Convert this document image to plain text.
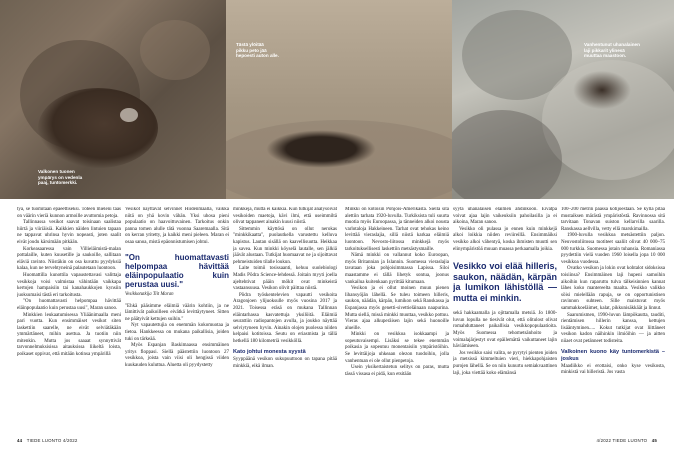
Valkonen tuonen
ympärys on vedenla
paaj, tuntomerkki.
Tästä ylöitää
pikku peto jää
hepoesti auton alle.
Vanhentunut uhanalainen
laji pikkarit ylinesä
muuttaa maastoon.

tyä, se tuomitaan epäeettiseksi. Toteen mieleni taas on väärin vieriä kunnon armoille avuttomia petoja.

Tallinnassa vesikot saavat toisinaan saalistaa hiirtä ja viiriäisiä. Kaikkien näiden lintuien tapaan ne tappavat uhrinsa hyvin nopeasti, joten saalit eivät joudu kärsimään pitkään.

Korkeasaaressa vain Villieläimistä-malan pottalaille, kuten kuusetille ja saukoille, sallitaan eläviä ravinto. Niistäkin on osa kuvattu pyydyksiä kalaa, kun ne tervehtyneinä palautetaan luontoon.

Huomattilla kunottila vapaustettavasi valittaja vesikkoja voisi valmistaa vähintään vaikkapa kertojen hampaisiin tai kanahaukkojen kynsiin juoksumaisi tästä eri tarkoitusta.

"On huomattavasti helpompaa hävittää eläinpopulaatio kuin perustaa uusi", Maran sanoo.

Minkkien leukaatumisessa Yliäänimaalla meni pari vuotta. Kun ensimmäiset vesikot siten laskettiin saarelle, ne eivät selviätäkään ymmärtäneet, mihin asettua. Ja tuotiin niin mitenkin. Mutta jos saaaat synnyttivät tarvonnelmuksisissa aitauksissa liikeltä loista, poikaset oppivat, että mitään kotinsa ympärillä

Vesikot näyttävät selvinnet Hiidenmaalla, vaikka niitä on yhä kovin vähän. Yksi uhosa pieni populaatio on haavoittuvainen. Tarkoitus onkin panna tomen alulle tätä vuonna Saaremaalla. Sitä on kerran yritetty, ja kaikki meni pieleen. Maran ei osaa sanoa, mistä epäonnistumisen johtui.

"On huomattavasti helpompaa hävittää eläinpopulaatio kuin perustaa uusi."
Vesikkotutkija Tiit Maran

"Ehkä pääsimme eläimiä väärin kohtiin, ja ne lämittivät paikoilleen eivätkä levittäytyneet. Sitten ne päätyivät kettujen suihin."

Nyt vapautettujia on enemmän kokomuotaa ja tietoa. Hankkeessa on mukana paikallisia, joiden tuki on tärkeää.

Myös Espanjan Baskimaassa ensimmäinen yritys floppasi. Siellä päästettiin luontoon 27 vesikkoa, joista vain viisi oli hengissä viiden kuukauden kuluttua. Aluetta oli pyydystetty

minkkejä, mutta ei kaikkia. Kun tutkijat analysoivat vesikoiden maetoja, kävi ilmi, että useimmiltä olivat tappaneet ainakin kuusi niistä.

Sittemmin käyttösä on ollut nerokas "minkkikaatta", puolautkella varustettu kelluva kapistus. Lautan sisällä on kaavellisuutta. Heikkaa ja savea. Kun minkki köyselä lautalle, sen jälkiä jäävät alustaan. Tutkijat huomaavat ne ja sijoittavat pehmeistuiden tilalle loukun.

Laite toimii tosissaanti, kehuu suolebiologi Madis Põdra Science-lehdessä. Joitain myyti joella ajeltehtivat pääin mökit ovat minkeistä vastaansuusa. Vesikon olivit päittaa niistä.

Põdra työskentelevien vapautti vesikoita Aragonjoen ylijuoksulle myös vuosina 2017 ja 2021. Toisessa eräsä on mukana Tallinnan eläintarhassa kasvatettuja yksilöitä. Eläimiä seurattiin radiopantojen avulla, ja joukko näyttää selviytyneen hyvin. Ainakin olojen puolessa niiden kelpaisi kotitoissa. Seutu on eriasmista ja tällä hetkellä 180 kilometriä vesikköllä.

Kato johtui monesta syystä

Syyppäänä vesikon sukupuuttoon on tapana pitää minkkiä, eikä ilman.

Minkki on kotoisin Pohjois-Amerikasta. Siellä sitä alettiin tarhata 1920-luvulla. Turkiksista tuli suurta muotia myös Euroopassa, ja tänneiden alkoi nousta varlotaloja Hakkeineen. Tarhat ovat tehokas keino levittää vieraslajia, sillä niistä karkaa eläimiä luontoon. Nevosto-liitossa minkkejä myös tarkoituksellisesti laskettiin metsästysmaille.

Nämä minkki on vallannut koko Euroopan, myös Britannian ja Islannin. Suomessa vieraslajia tavataan joka pohjoisimmassa Lapissa. Siloi maastamme ei tällä lihetyk sontua, joonus vankailua kuitenkaan pyrittää kitumaan.

Vesikon ja ei ollut moinen muun pienen lihansyöjän lähellä. Se tuleu toimeen hilleris, saukon, näädän, kärpän, lumikon sekä Ranskassa ja Espanjassa myös genetti-sivettieläinaan naapurina. Mutta siellä, missä minkki muuttaa, vesikko pottuu. Vieras ajaa alkuperäisen lajin sekä huonoille alueille.

Minkki on vesikkoa isokkaampi ja sopeutuvaisempi. Lisäksi se tekee enemmän poikasia ja sopeutuu monentaisiin ympäristöihin. Se levittäijoja uhkeaan olezon tuodoihin, jolla vanhentuan ei ole ollut pienpetoja.

Usein yksikertaistetun selitys on paras, mutta tässä vissasa ei pidä, kun etsitään

syytä uhanalaisen eläimen ahdinkoon. Eivätpä voivat ajaa lajin vaikeuksiin pahoilasilla ja ei aikoina, Maran sanoo.

Vesikko oli pulassa jo ennen kuin minkkejä alkoi loikkia niiden reviireillä. Ensimmäiksi vesikko alkoi vähentyä, koska ihmisten muutti sen elinympäristöä muuan muassa perkaamalla joikia.

Vesikko voi elää hilleris, saukon, näädän, kärpän ja lumikon lähistöllä — mutta ei minkin.

sekä hakkaamalla ja ojittamalla metsiä. Jo 1800-luvun lopulla ne tiesivät olut, että olitulost olivat romahduttaneet paikallisia vesikkopopulaatioita. Myös Suomessa tehometsänhoito ja voimalajärjestyt ovat epäilemättä vaikuttaneet lajin häviämiseen.

Jos vesikko saisi valita, se pyrytyi pienten joiden ja metsissä kimmeltuien vieri, hiekkapohjaisten purojen lähellä. Se on niin kunurtu semiakvaattinen laji, joka viettää koko elämänsä

100–200 metrin päässä kotijoestaan. Se kyllä pitää mustaiksen märästä ympäristöstä. Ravinnossa sitä tarvitaan Tonavan suiston kellarvilla saarilla. Ranskassa aellvilla, vetty ellä marskimailla.

1900-luvulla vesikkoa metsästettiin paljon. Neuvostoliitossa tuotiteet saaliit olivat 40 000–75 000 turkkia. Suomessa jotain tuhansia. Romaniassa pyydettiin vielä vuoden 1960 loisella jopa 10 000 vesikkoa vuodessa.

Ovatko vesikon ja lokin ovat kohtalot sidoksissa toisiinsa? Ensimmäinen laji hupeni samoihin aikoihin kun raparuttu tulva tälkeisinnien kannat lähes koko mantereelta maalta. Vesikko valikko söisi mielellään rapuja, se on opportunistisen ravinnon suhteen. Sille maistuvat myös sammakkoeläimet, kalat, pikkunisäkkäät ja linnut.

Saarumismen, 1990-luvun lämpökautta, tauditi, rientämisen hillerin kanssa, kettujen lisääntyminen..... Kokut tutkijat ovat liittäneet vesikon kadon näihinkin ilmiöihin — ja aitten niiaet ovat petänneet todisteita.

Valkoinen kuono käy tuntomerkistä – joskus

Maadiikko ei erottaisi, onko kyse vesikosta, minkistä vai hilleristä. Jos vasta

44 TIEDE LUONTO 4/2022	4/2022 TIEDE LUONTO 45
